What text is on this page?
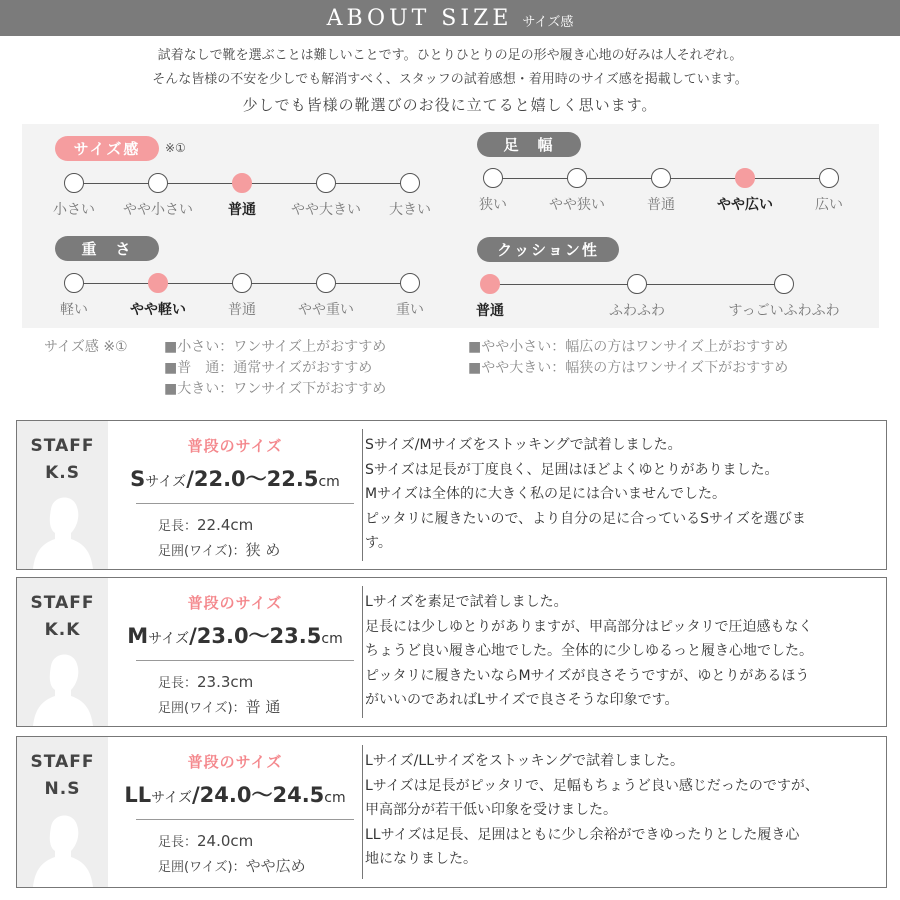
ABOUT SIZE サイズ感
試着なしで靴を選ぶことは難しいことです。ひとりひとりの足の形や履き心地の好みは人それぞれ。
そんな皆様の不安を少しでも解消すべく、スタッフの試着感想・着用時のサイズ感を掲載しています。
少しでも皆様の靴選びのお役に立てると嬉しく思います。
サイズ感	※①
小さい やや小さい	普通	やや大きい 大きい
足　幅
狭い	やや狭い	普通	やや広い	広い
重　さ
軽い	やや軽い	普通	やや重い	重い
クッション性
普通	ふわふわ	すっごいふわふわ
サイズ感 ※①	■小さい：ワンサイズ上がおすすめ
■普　通：通常サイズがおすすめ
■大きい：ワンサイズ下がおすすめ
■やや小さい：幅広の方はワンサイズ上がおすすめ
■やや大きい：幅狭の方はワンサイズ下がおすすめ
STAFF
K.S
普段のサイズ
Sサイズ/22.0〜22.5cm
足長：22.4cm
足囲(ワイズ)：狭 め
Sサイズ/Mサイズをストッキングで試着しました。
Sサイズは足長が丁度良く、足囲はほどよくゆとりがありました。
Mサイズは全体的に大きく私の足には合いませんでした。
ピッタリに履きたいので、より自分の足に合っているSサイズを選びま
す。
STAFF
K.K
普段のサイズ
Mサイズ/23.0〜23.5cm
足長：23.3cm
足囲(ワイズ)：普 通
Lサイズを素足で試着しました。
足長には少しゆとりがありますが、甲高部分はピッタリで圧迫感もなく
ちょうど良い履き心地でした。全体的に少しゆるっと履き心地でした。
ピッタリに履きたいならMサイズが良さそうですが、ゆとりがあるほう
がいいのであればLサイズで良さそうな印象です。
STAFF
N.S
普段のサイズ
LLサイズ/24.0〜24.5cm
足長：24.0cm
足囲(ワイズ)：やや広め
Lサイズ/LLサイズをストッキングで試着しました。
Lサイズは足長がピッタリで、足幅もちょうど良い感じだったのですが、
甲高部分が若干低い印象を受けました。
LLサイズは足長、足囲はともに少し余裕ができゆったりとした履き心
地になりました。
